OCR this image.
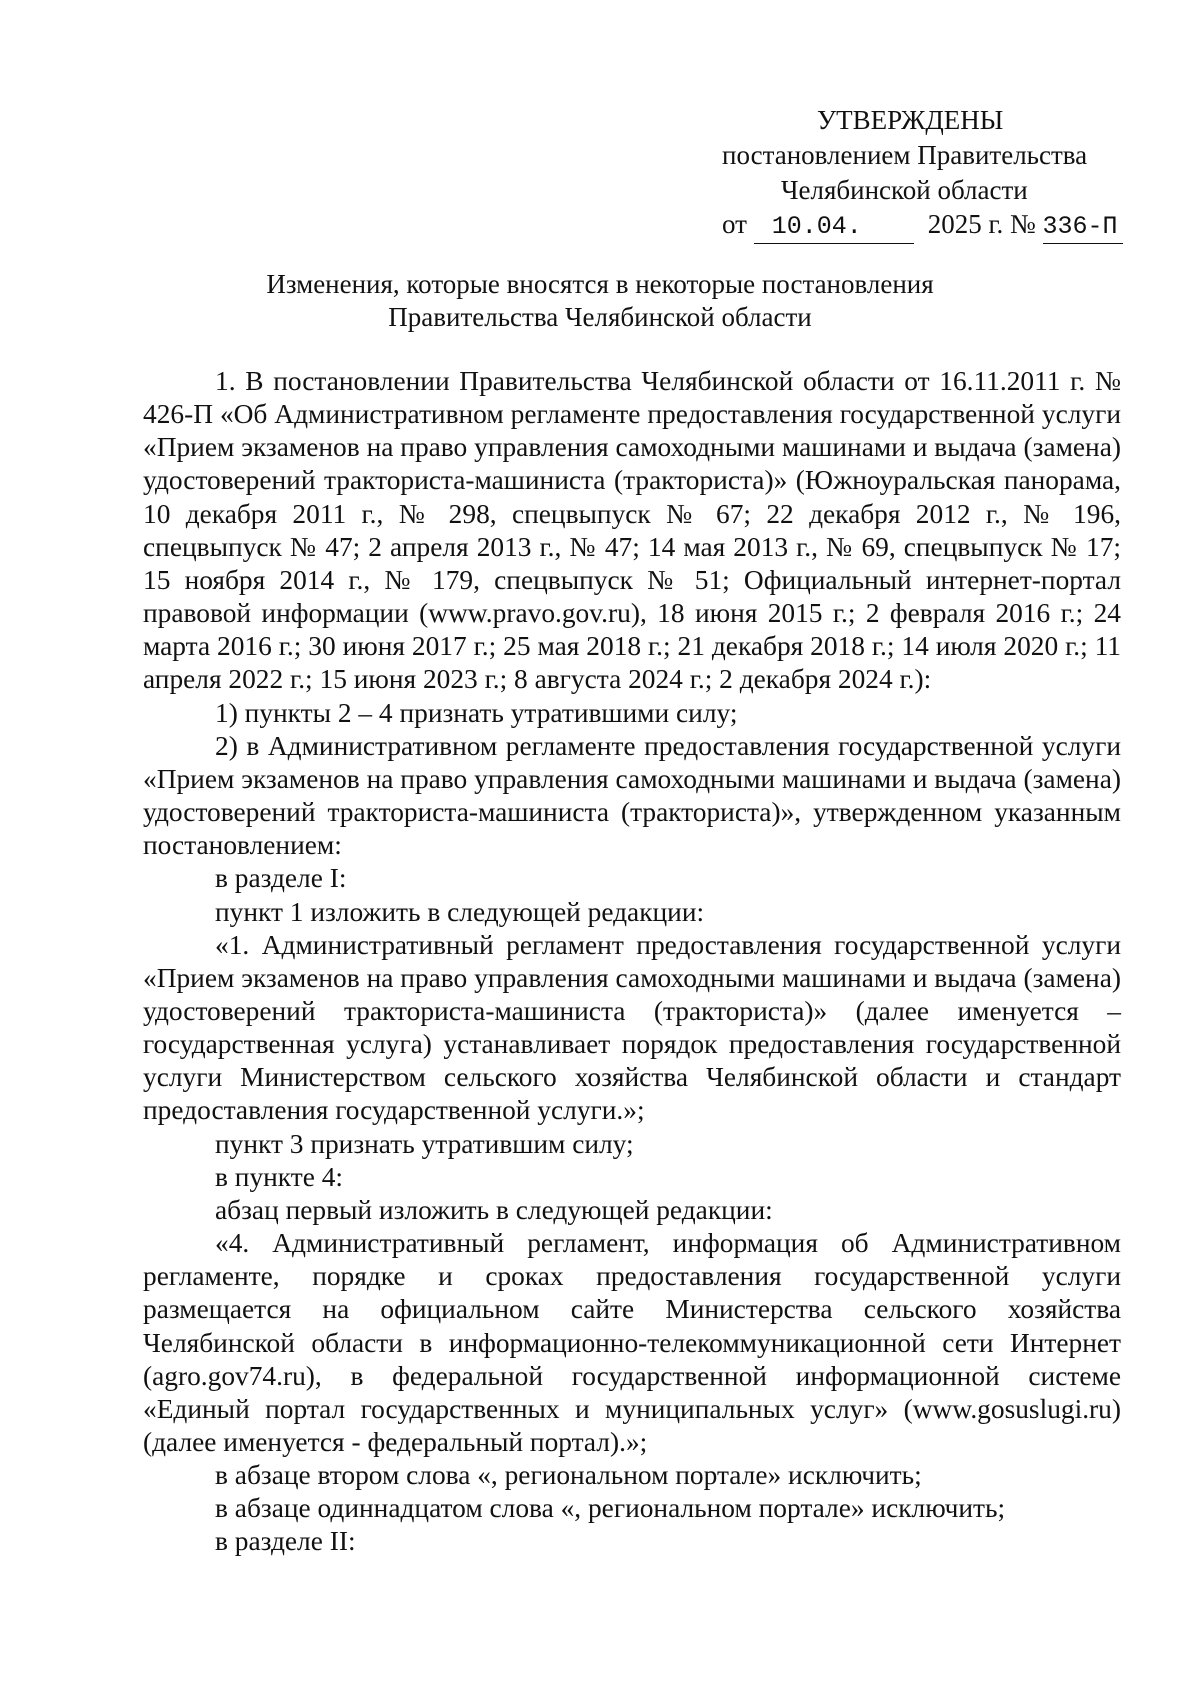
УТВЕРЖДЕНЫ
постановлением Правительства
Челябинской области
от 10.04. 2025 г. № 336-П
Изменения, которые вносятся в некоторые постановления
Правительства Челябинской области

1. В постановлении Правительства Челябинской области от 16.11.2011 г. № 426-П «Об Административном регламенте предоставления государственной услуги «Прием экзаменов на право управления самоходными машинами и выдача (замена) удостоверений тракториста-машиниста (тракториста)» (Южноуральская панорама, 10 декабря 2011 г., № 298, спецвыпуск № 67; 22 декабря 2012 г., № 196, спецвыпуск № 47; 2 апреля 2013 г., № 47; 14 мая 2013 г., № 69, спецвыпуск № 17; 15 ноября 2014 г., № 179, спецвыпуск № 51; Официальный интернет-портал правовой информации (www.pravo.gov.ru), 18 июня 2015 г.; 2 февраля 2016 г.; 24 марта 2016 г.; 30 июня 2017 г.; 25 мая 2018 г.; 21 декабря 2018 г.; 14 июля 2020 г.; 11 апреля 2022 г.; 15 июня 2023 г.; 8 августа 2024 г.; 2 декабря 2024 г.):

1) пункты 2 – 4 признать утратившими силу;

2) в Административном регламенте предоставления государственной услуги «Прием экзаменов на право управления самоходными машинами и выдача (замена) удостоверений тракториста-машиниста (тракториста)», утвержденном указанным постановлением:

в разделе I:

пункт 1 изложить в следующей редакции:

«1. Административный регламент предоставления государственной услуги «Прием экзаменов на право управления самоходными машинами и выдача (замена) удостоверений тракториста-машиниста (тракториста)» (далее именуется – государственная услуга) устанавливает порядок предоставления государственной услуги Министерством сельского хозяйства Челябинской области и стандарт предоставления государственной услуги.»;

пункт 3 признать утратившим силу;

в пункте 4:

абзац первый изложить в следующей редакции:

«4. Административный регламент, информация об Административном регламенте, порядке и сроках предоставления государственной услуги размещается на официальном сайте Министерства сельского хозяйства Челябинской области в информационно-телекоммуникационной сети Интернет (agro.gov74.ru), в федеральной государственной информационной системе «Единый портал государственных и муниципальных услуг» (www.gosuslugi.ru) (далее именуется - федеральный портал).»;

в абзаце втором слова «, региональном портале» исключить;

в абзаце одиннадцатом слова «, региональном портале» исключить;

в разделе II:
